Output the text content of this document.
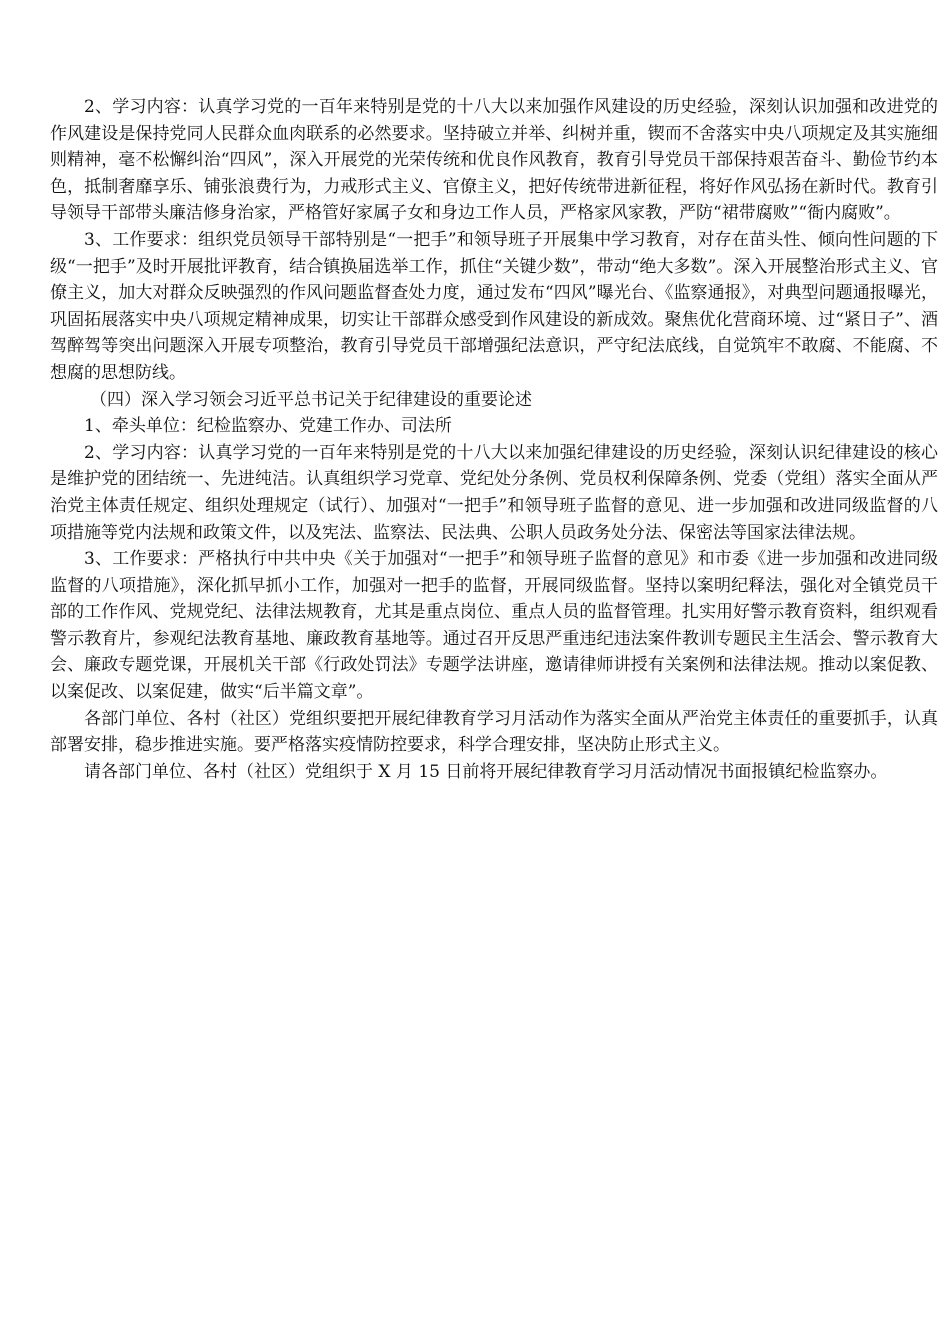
2、学习内容：认真学习党的一百年来特别是党的十八大以来加强作风建设的历史经验，深刻认识加强和改进党的作风建设是保持党同人民群众血肉联系的必然要求。坚持破立并举、纠树并重，锲而不舍落实中央八项规定及其实施细则精神，毫不松懈纠治“四风”，深入开展党的光荣传统和优良作风教育，教育引导党员干部保持艰苦奋斗、勤俭节约本色，抵制奢靡享乐、铺张浪费行为，力戒形式主义、官僚主义，把好传统带进新征程，将好作风弘扬在新时代。教育引导领导干部带头廉洁修身治家，严格管好家属子女和身边工作人员，严格家风家教，严防“裙带腐败”“衙内腐败”。

3、工作要求：组织党员领导干部特别是“一把手”和领导班子开展集中学习教育，对存在苗头性、倾向性问题的下级“一把手”及时开展批评教育，结合镇换届选举工作，抓住“关键少数”，带动“绝大多数”。深入开展整治形式主义、官僚主义，加大对群众反映强烈的作风问题监督查处力度，通过发布“四风”曝光台、《监察通报》，对典型问题通报曝光，巩固拓展落实中央八项规定精神成果，切实让干部群众感受到作风建设的新成效。聚焦优化营商环境、过“紧日子”、酒驾醉驾等突出问题深入开展专项整治，教育引导党员干部增强纪法意识，严守纪法底线，自觉筑牢不敢腐、不能腐、不想腐的思想防线。

（四）深入学习领会习近平总书记关于纪律建设的重要论述

1、牵头单位：纪检监察办、党建工作办、司法所

2、学习内容：认真学习党的一百年来特别是党的十八大以来加强纪律建设的历史经验，深刻认识纪律建设的核心是维护党的团结统一、先进纯洁。认真组织学习党章、党纪处分条例、党员权利保障条例、党委（党组）落实全面从严治党主体责任规定、组织处理规定（试行）、加强对“一把手”和领导班子监督的意见、进一步加强和改进同级监督的八项措施等党内法规和政策文件，以及宪法、监察法、民法典、公职人员政务处分法、保密法等国家法律法规。

3、工作要求：严格执行中共中央《关于加强对“一把手”和领导班子监督的意见》和市委《进一步加强和改进同级监督的八项措施》，深化抓早抓小工作，加强对一把手的监督，开展同级监督。坚持以案明纪释法，强化对全镇党员干部的工作作风、党规党纪、法律法规教育，尤其是重点岗位、重点人员的监督管理。扎实用好警示教育资料，组织观看警示教育片，参观纪法教育基地、廉政教育基地等。通过召开反思严重违纪违法案件教训专题民主生活会、警示教育大会、廉政专题党课，开展机关干部《行政处罚法》专题学法讲座，邀请律师讲授有关案例和法律法规。推动以案促教、以案促改、以案促建，做实“后半篇文章”。

各部门单位、各村（社区）党组织要把开展纪律教育学习月活动作为落实全面从严治党主体责任的重要抓手，认真部署安排，稳步推进实施。要严格落实疫情防控要求，科学合理安排，坚决防止形式主义。

请各部门单位、各村（社区）党组织于 X 月 15 日前将开展纪律教育学习月活动情况书面报镇纪检监察办。
